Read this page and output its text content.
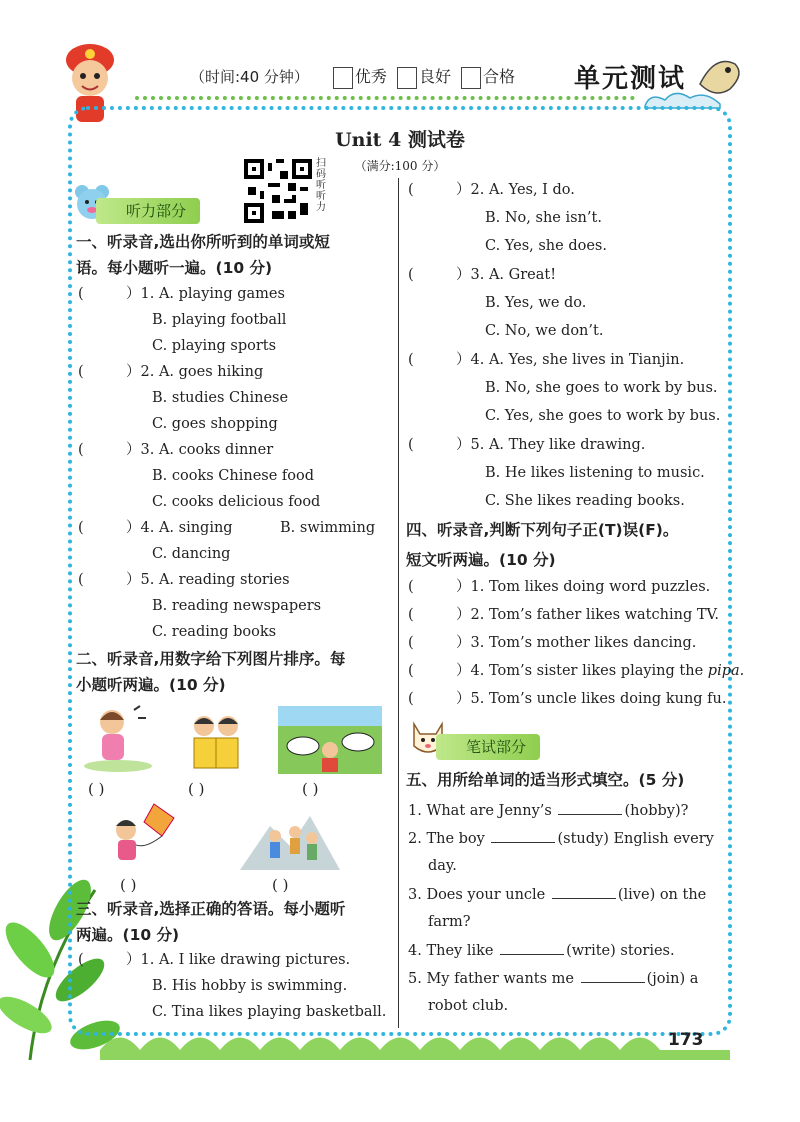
（时间:40 分钟）	优秀	良好	合格 单元测试
Unit 4 测试卷
（满分:100 分）
扫码听听力
听力部分
一、听录音,选出你所听到的单词或短
语。每小题听一遍。(10 分)
(	）1. A. playing games
B. playing football
C. playing sports
(	）2. A. goes hiking
B. studies Chinese
C. goes shopping
(	）3. A. cooks dinner
B. cooks Chinese food
C. cooks delicious food
(	）4. A. singing	B. swimming
C. dancing
(	）5. A. reading stories
B. reading newspapers
C. reading books
二、听录音,用数字给下列图片排序。每
小题听两遍。(10 分)
( )	( )	( )
( )	( )
三、听录音,选择正确的答语。每小题听
两遍。(10 分)
(	）1. A. I like drawing pictures.
B. His hobby is swimming.
C. Tina likes playing basketball.
(	）2. A. Yes, I do.
B. No, she isn’t.
C. Yes, she does.
(	）3. A. Great!
B. Yes, we do.
C. No, we don’t.
(	）4. A. Yes, she lives in Tianjin.
B. No, she goes to work by bus.
C. Yes, she goes to work by bus.
(	）5. A. They like drawing.
B. He likes listening to music.
C. She likes reading books.
四、听录音,判断下列句子正(T)误(F)。
短文听两遍。(10 分)
(	）1. Tom likes doing word puzzles.
(	）2. Tom’s father likes watching TV.
(	）3. Tom’s mother likes dancing.
(	）4. Tom’s sister likes playing the pipa.
(	）5. Tom’s uncle likes doing kung fu.
笔试部分
五、用所给单词的适当形式填空。(5 分)
1. What are Jenny’s	(hobby)?
2. The boy	(study) English every
day.
3. Does your uncle	(live) on the
farm?
4. They like	(write) stories.
5. My father wants me	(join) a
robot club.
173
